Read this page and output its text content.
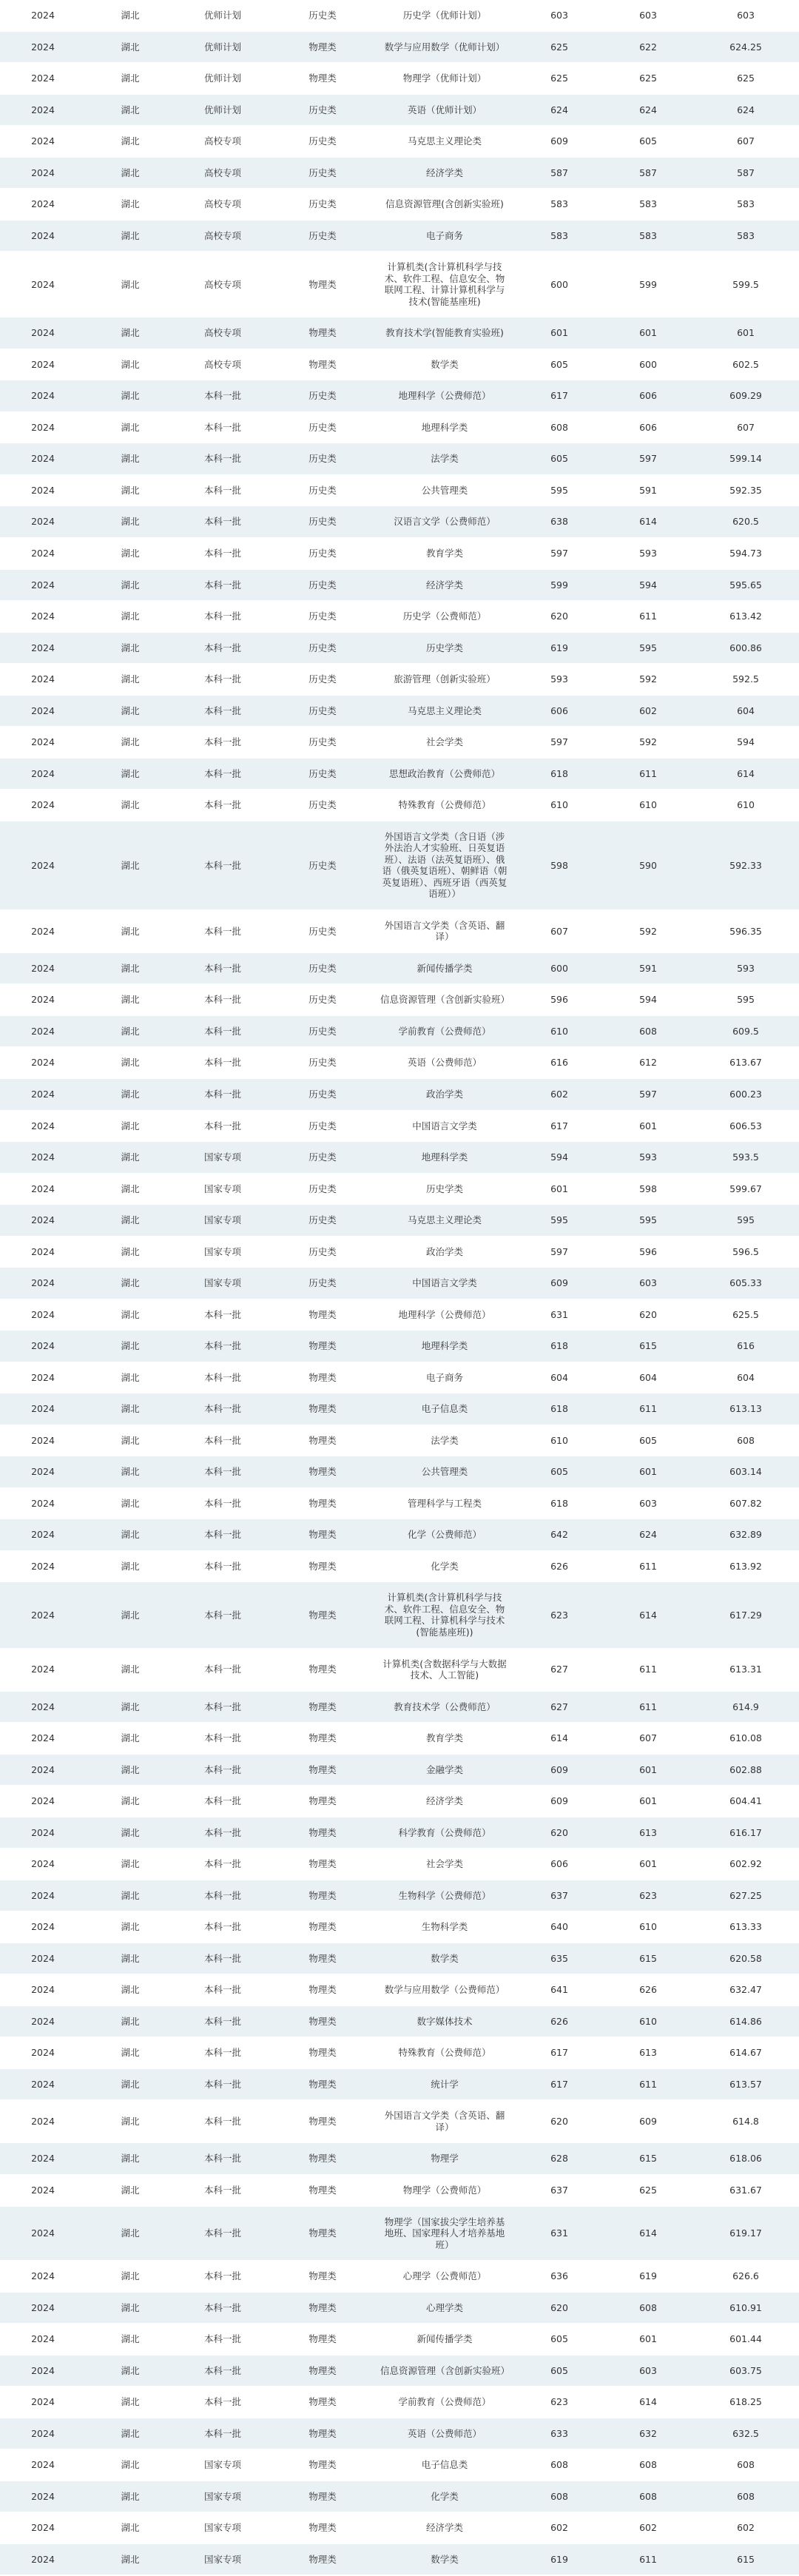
2024	湖北	优师计划	历史类	历史学（优师计划）	603	603	603
2024	湖北	优师计划	物理类	数学与应用数学（优师计划）	625	622	624.25
2024	湖北	优师计划	物理类	物理学（优师计划）	625	625	625
2024	湖北	优师计划	历史类	英语（优师计划）	624	624	624
2024	湖北	高校专项	历史类	马克思主义理论类	609	605	607
2024	湖北	高校专项	历史类	经济学类	587	587	587
2024	湖北	高校专项	历史类	信息资源管理(含创新实验班)	583	583	583
2024	湖北	高校专项	历史类	电子商务	583	583	583
2024	湖北	高校专项	物理类	计算机类(含计算机科学与技术、软件工程、信息安全、物联网工程、计算计算机科学与技术(智能基座班)	600	599	599.5
2024	湖北	高校专项	物理类	教育技术学(智能教育实验班)	601	601	601
2024	湖北	高校专项	物理类	数学类	605	600	602.5
2024	湖北	本科一批	历史类	地理科学（公费师范）	617	606	609.29
2024	湖北	本科一批	历史类	地理科学类	608	606	607
2024	湖北	本科一批	历史类	法学类	605	597	599.14
2024	湖北	本科一批	历史类	公共管理类	595	591	592.35
2024	湖北	本科一批	历史类	汉语言文学（公费师范）	638	614	620.5
2024	湖北	本科一批	历史类	教育学类	597	593	594.73
2024	湖北	本科一批	历史类	经济学类	599	594	595.65
2024	湖北	本科一批	历史类	历史学（公费师范）	620	611	613.42
2024	湖北	本科一批	历史类	历史学类	619	595	600.86
2024	湖北	本科一批	历史类	旅游管理（创新实验班）	593	592	592.5
2024	湖北	本科一批	历史类	马克思主义理论类	606	602	604
2024	湖北	本科一批	历史类	社会学类	597	592	594
2024	湖北	本科一批	历史类	思想政治教育（公费师范）	618	611	614
2024	湖北	本科一批	历史类	特殊教育（公费师范）	610	610	610
2024	湖北	本科一批	历史类	外国语言文学类（含日语（涉外法治人才实验班、日英复语班）、法语（法英复语班）、俄语（俄英复语班）、朝鲜语（朝英复语班）、西班牙语（西英复语班））	598	590	592.33
2024	湖北	本科一批	历史类	外国语言文学类（含英语、翻译）	607	592	596.35
2024	湖北	本科一批	历史类	新闻传播学类	600	591	593
2024	湖北	本科一批	历史类	信息资源管理（含创新实验班）	596	594	595
2024	湖北	本科一批	历史类	学前教育（公费师范）	610	608	609.5
2024	湖北	本科一批	历史类	英语（公费师范）	616	612	613.67
2024	湖北	本科一批	历史类	政治学类	602	597	600.23
2024	湖北	本科一批	历史类	中国语言文学类	617	601	606.53
2024	湖北	国家专项	历史类	地理科学类	594	593	593.5
2024	湖北	国家专项	历史类	历史学类	601	598	599.67
2024	湖北	国家专项	历史类	马克思主义理论类	595	595	595
2024	湖北	国家专项	历史类	政治学类	597	596	596.5
2024	湖北	国家专项	历史类	中国语言文学类	609	603	605.33
2024	湖北	本科一批	物理类	地理科学（公费师范）	631	620	625.5
2024	湖北	本科一批	物理类	地理科学类	618	615	616
2024	湖北	本科一批	物理类	电子商务	604	604	604
2024	湖北	本科一批	物理类	电子信息类	618	611	613.13
2024	湖北	本科一批	物理类	法学类	610	605	608
2024	湖北	本科一批	物理类	公共管理类	605	601	603.14
2024	湖北	本科一批	物理类	管理科学与工程类	618	603	607.82
2024	湖北	本科一批	物理类	化学（公费师范）	642	624	632.89
2024	湖北	本科一批	物理类	化学类	626	611	613.92
2024	湖北	本科一批	物理类	计算机类(含计算机科学与技术、软件工程、信息安全、物联网工程、计算机科学与技术(智能基座班))	623	614	617.29
2024	湖北	本科一批	物理类	计算机类(含数据科学与大数据技术、人工智能)	627	611	613.31
2024	湖北	本科一批	物理类	教育技术学（公费师范）	627	611	614.9
2024	湖北	本科一批	物理类	教育学类	614	607	610.08
2024	湖北	本科一批	物理类	金融学类	609	601	602.88
2024	湖北	本科一批	物理类	经济学类	609	601	604.41
2024	湖北	本科一批	物理类	科学教育（公费师范）	620	613	616.17
2024	湖北	本科一批	物理类	社会学类	606	601	602.92
2024	湖北	本科一批	物理类	生物科学（公费师范）	637	623	627.25
2024	湖北	本科一批	物理类	生物科学类	640	610	613.33
2024	湖北	本科一批	物理类	数学类	635	615	620.58
2024	湖北	本科一批	物理类	数学与应用数学（公费师范）	641	626	632.47
2024	湖北	本科一批	物理类	数字媒体技术	626	610	614.86
2024	湖北	本科一批	物理类	特殊教育（公费师范）	617	613	614.67
2024	湖北	本科一批	物理类	统计学	617	611	613.57
2024	湖北	本科一批	物理类	外国语言文学类（含英语、翻译）	620	609	614.8
2024	湖北	本科一批	物理类	物理学	628	615	618.06
2024	湖北	本科一批	物理类	物理学（公费师范）	637	625	631.67
2024	湖北	本科一批	物理类	物理学（国家拔尖学生培养基地班、国家理科人才培养基地班）	631	614	619.17
2024	湖北	本科一批	物理类	心理学（公费师范）	636	619	626.6
2024	湖北	本科一批	物理类	心理学类	620	608	610.91
2024	湖北	本科一批	物理类	新闻传播学类	605	601	601.44
2024	湖北	本科一批	物理类	信息资源管理（含创新实验班）	605	603	603.75
2024	湖北	本科一批	物理类	学前教育（公费师范）	623	614	618.25
2024	湖北	本科一批	物理类	英语（公费师范）	633	632	632.5
2024	湖北	国家专项	物理类	电子信息类	608	608	608
2024	湖北	国家专项	物理类	化学类	608	608	608
2024	湖北	国家专项	物理类	经济学类	602	602	602
2024	湖北	国家专项	物理类	数学类	619	611	615
